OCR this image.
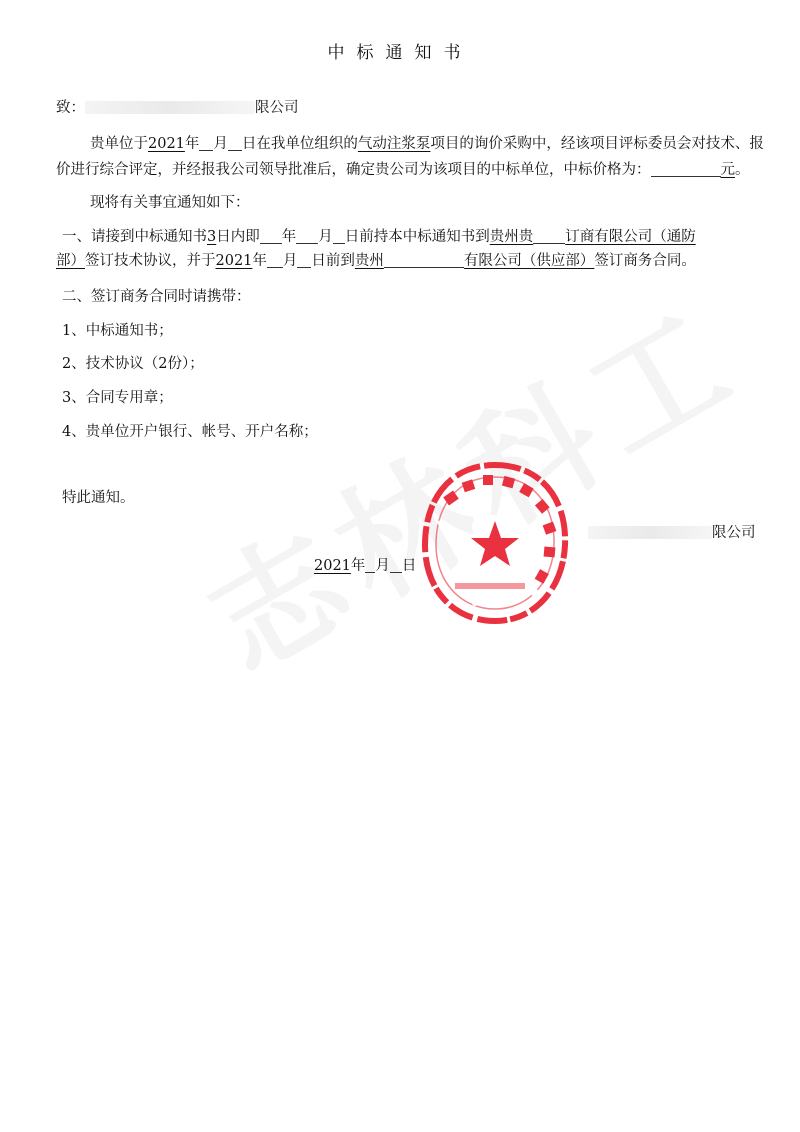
中标通知书
致：	限公司
贵单位于2021年 月 日在我单位组织的气动注浆泵项目的询价采购中，经该项目评标委员会对技术、报
价进行综合评定，并经报我公司领导批准后，确定贵公司为该项目的中标单位，中标价格为：	元。
现将有关事宜通知如下：
一、请接到中标通知书3日内即 年 月 日前持本中标通知书到贵州贵 订商有限公司（通防
部）签订技术协议，并于2021年 月 日前到贵州	有限公司（供应部）签订商务合同。
二、签订商务合同时请携带：
1、中标通知书；
2、技术协议（2份）；
3、合同专用章；
4、贵单位开户银行、帐号、开户名称；
特此通知。
限公司
2021年 月 日
